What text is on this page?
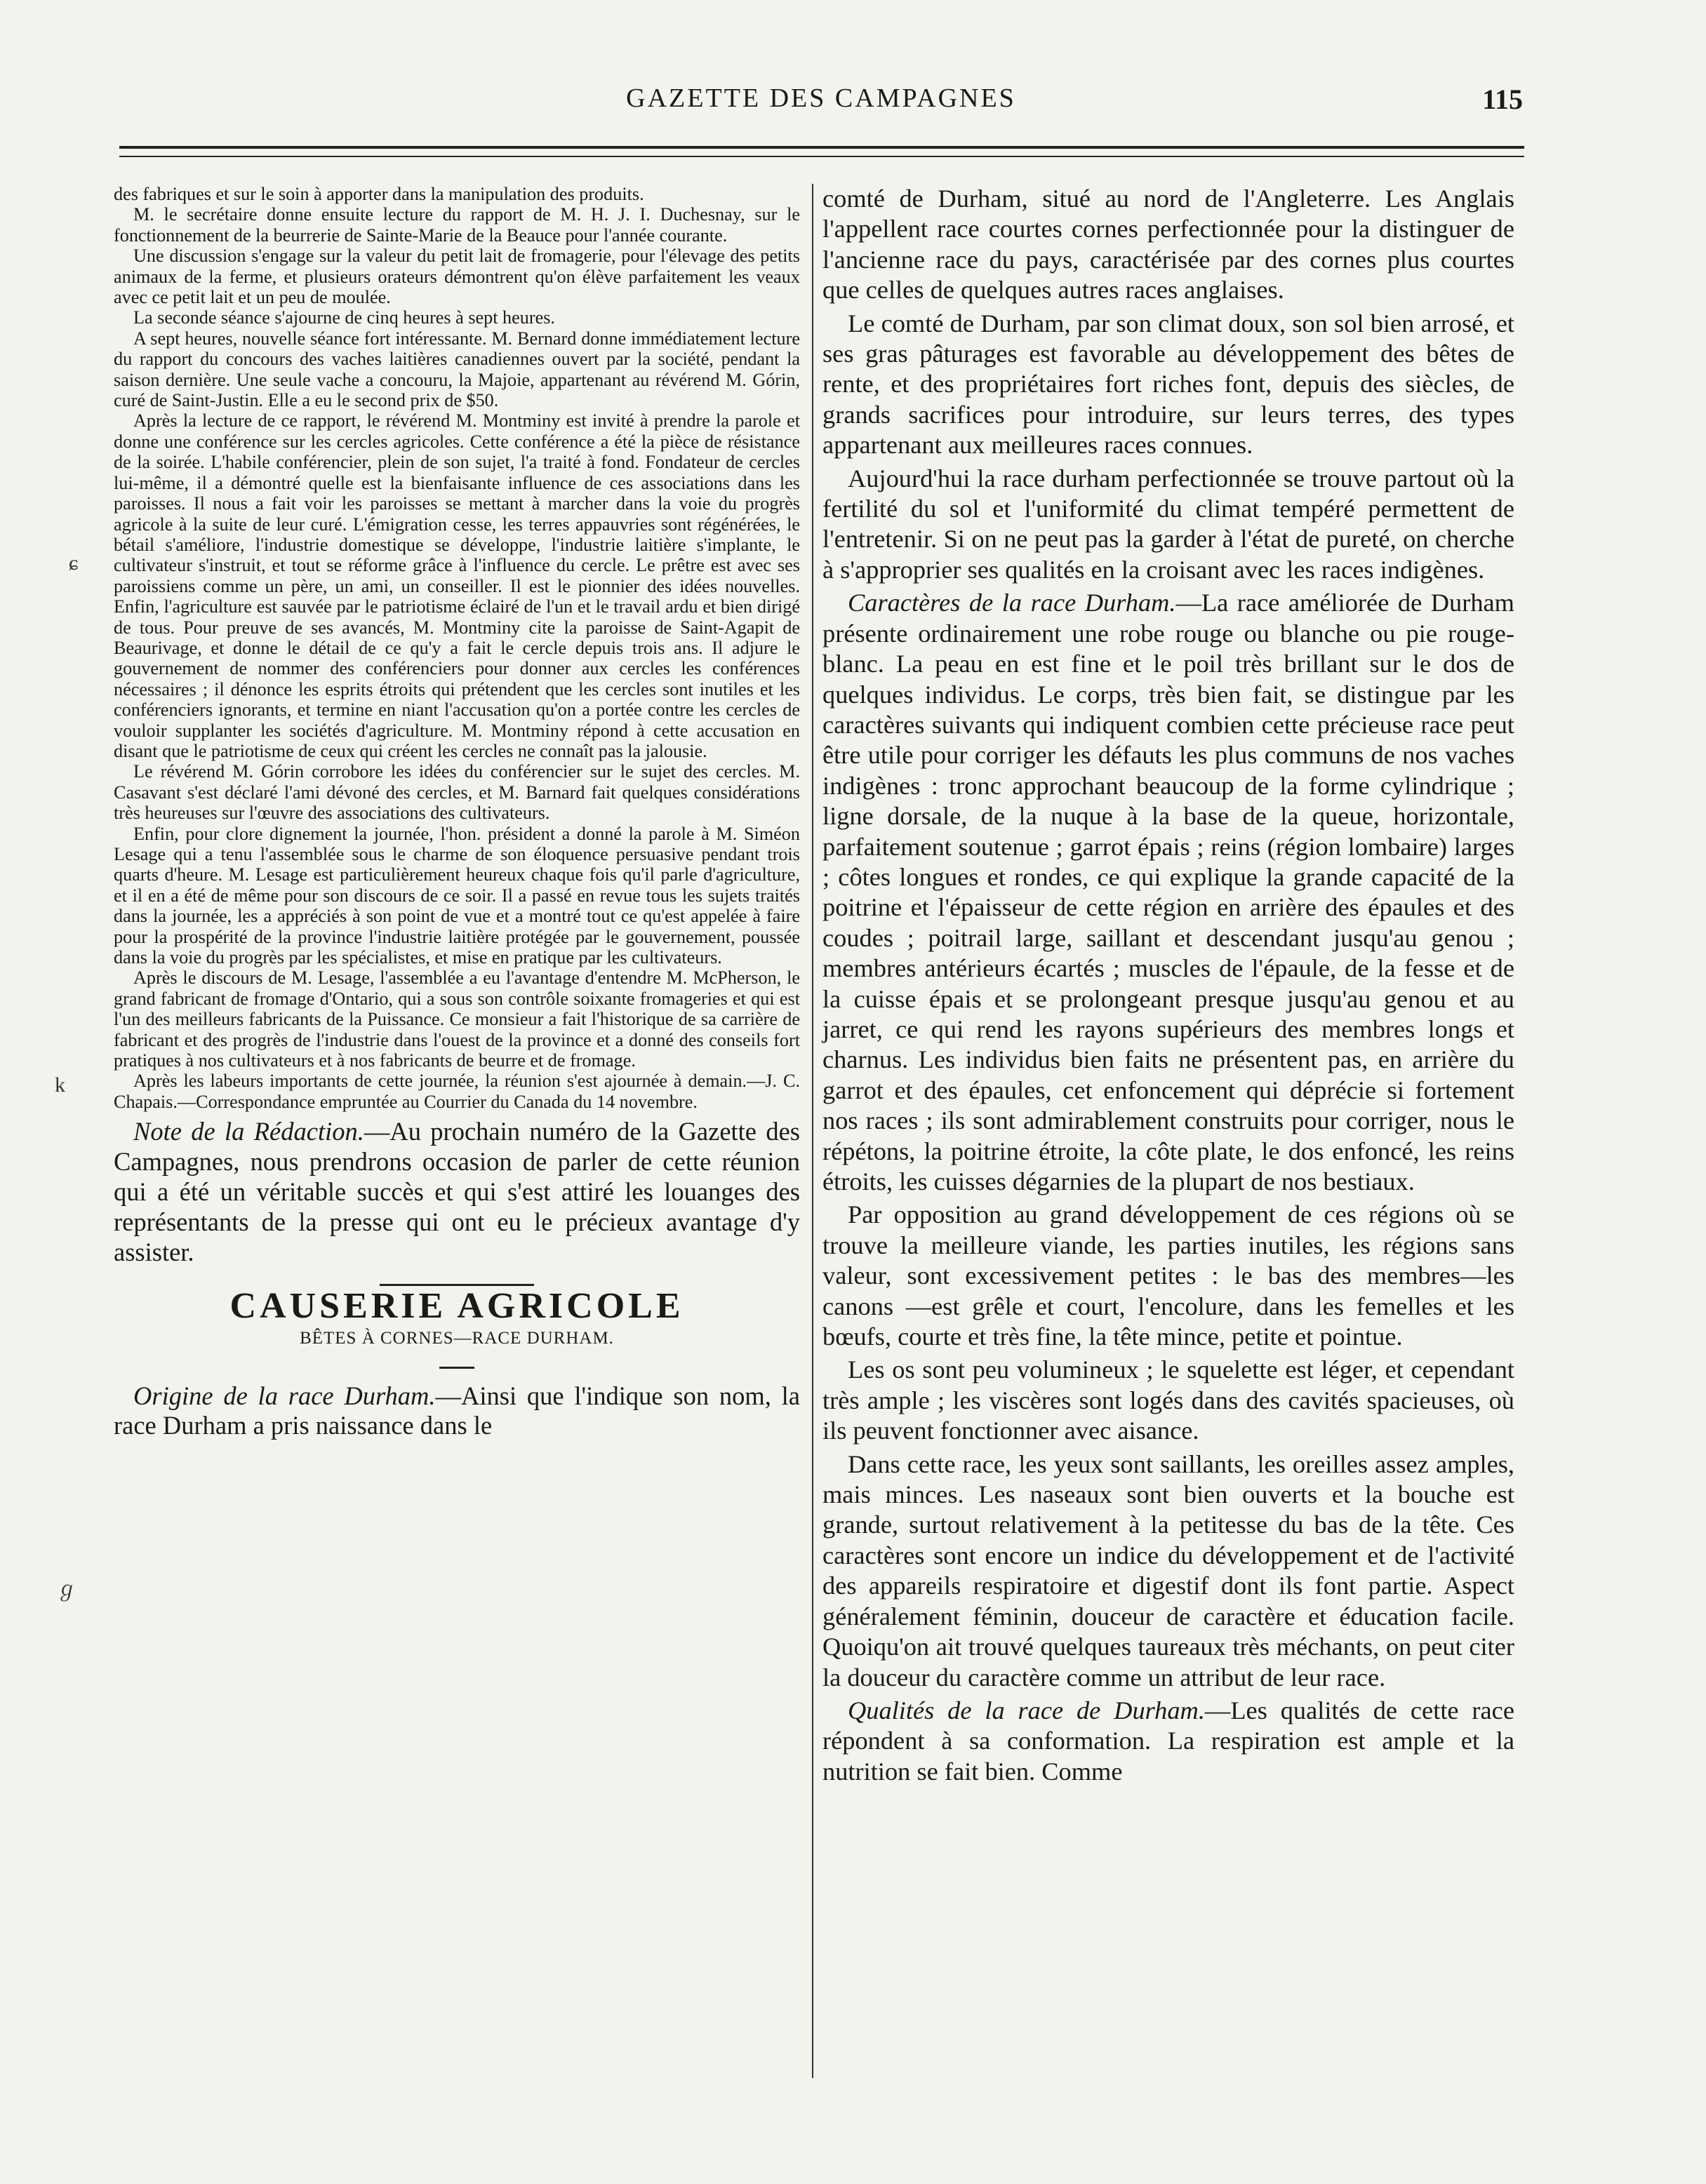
GAZETTE DES CAMPAGNES	115
ɕ
k
ℊ

des fabriques et sur le soin à apporter dans la manipulation des produits.

M. le secrétaire donne ensuite lecture du rapport de M. H. J. I. Duchesnay, sur le fonctionnement de la beurrerie de Sainte-Marie de la Beauce pour l'année courante.

Une discussion s'engage sur la valeur du petit lait de fromagerie, pour l'élevage des petits animaux de la ferme, et plusieurs orateurs démontrent qu'on élève parfaitement les veaux avec ce petit lait et un peu de moulée.

La seconde séance s'ajourne de cinq heures à sept heures.

A sept heures, nouvelle séance fort intéressante. M. Bernard donne immédiatement lecture du rapport du concours des vaches laitières canadiennes ouvert par la société, pendant la saison dernière. Une seule vache a concouru, la Majoie, appartenant au révérend M. Górin, curé de Saint-Justin. Elle a eu le second prix de $50.

Après la lecture de ce rapport, le révérend M. Montminy est invité à prendre la parole et donne une conférence sur les cercles agricoles. Cette conférence a été la pièce de résistance de la soirée. L'habile conférencier, plein de son sujet, l'a traité à fond. Fondateur de cercles lui-même, il a démontré quelle est la bienfaisante influence de ces associations dans les paroisses. Il nous a fait voir les paroisses se mettant à marcher dans la voie du progrès agricole à la suite de leur curé. L'émigration cesse, les terres appauvries sont régénérées, le bétail s'améliore, l'industrie domestique se développe, l'industrie laitière s'implante, le cultivateur s'instruit, et tout se réforme grâce à l'influence du cercle. Le prêtre est avec ses paroissiens comme un père, un ami, un conseiller. Il est le pionnier des idées nouvelles. Enfin, l'agriculture est sauvée par le patriotisme éclairé de l'un et le travail ardu et bien dirigé de tous. Pour preuve de ses avancés, M. Montminy cite la paroisse de Saint-Agapit de Beaurivage, et donne le détail de ce qu'y a fait le cercle depuis trois ans. Il adjure le gouvernement de nommer des conférenciers pour donner aux cercles les conférences nécessaires ; il dénonce les esprits étroits qui prétendent que les cercles sont inutiles et les conférenciers ignorants, et termine en niant l'accusation qu'on a portée contre les cercles de vouloir supplanter les sociétés d'agriculture. M. Montminy répond à cette accusation en disant que le patriotisme de ceux qui créent les cercles ne connaît pas la jalousie.

Le révérend M. Górin corrobore les idées du conférencier sur le sujet des cercles. M. Casavant s'est déclaré l'ami dévoné des cercles, et M. Barnard fait quelques considérations très heureuses sur l'œuvre des associations des cultivateurs.

Enfin, pour clore dignement la journée, l'hon. président a donné la parole à M. Siméon Lesage qui a tenu l'assemblée sous le charme de son éloquence persuasive pendant trois quarts d'heure. M. Lesage est particulièrement heureux chaque fois qu'il parle d'agriculture, et il en a été de même pour son discours de ce soir. Il a passé en revue tous les sujets traités dans la journée, les a appréciés à son point de vue et a montré tout ce qu'est appelée à faire pour la prospérité de la province l'industrie laitière protégée par le gouvernement, poussée dans la voie du progrès par les spécialistes, et mise en pratique par les cultivateurs.

Après le discours de M. Lesage, l'assemblée a eu l'avantage d'entendre M. McPherson, le grand fabricant de fromage d'Ontario, qui a sous son contrôle soixante fromageries et qui est l'un des meilleurs fabricants de la Puissance. Ce monsieur a fait l'historique de sa carrière de fabricant et des progrès de l'industrie dans l'ouest de la province et a donné des conseils fort pratiques à nos cultivateurs et à nos fabricants de beurre et de fromage.

Après les labeurs importants de cette journée, la réunion s'est ajournée à demain.—J. C. Chapais.—Correspondance empruntée au Courrier du Canada du 14 novembre.

Note de la Rédaction.—Au prochain numéro de la Gazette des Campagnes, nous prendrons occasion de parler de cette réunion qui a été un véritable succès et qui s'est attiré les louanges des représentants de la presse qui ont eu le précieux avantage d'y assister.
CAUSERIE AGRICOLE
BÊTES À CORNES—RACE DURHAM.
Origine de la race Durham.—Ainsi que l'indique son nom, la race Durham a pris naissance dans le

comté de Durham, situé au nord de l'Angleterre. Les Anglais l'appellent race courtes cornes perfectionnée pour la distinguer de l'ancienne race du pays, caractérisée par des cornes plus courtes que celles de quelques autres races anglaises.

Le comté de Durham, par son climat doux, son sol bien arrosé, et ses gras pâturages est favorable au développement des bêtes de rente, et des propriétaires fort riches font, depuis des siècles, de grands sacrifices pour introduire, sur leurs terres, des types appartenant aux meilleures races connues.

Aujourd'hui la race durham perfectionnée se trouve partout où la fertilité du sol et l'uniformité du climat tempéré permettent de l'entretenir. Si on ne peut pas la garder à l'état de pureté, on cherche à s'approprier ses qualités en la croisant avec les races indigènes.

Caractères de la race Durham.—La race améliorée de Durham présente ordinairement une robe rouge ou blanche ou pie rouge-blanc. La peau en est fine et le poil très brillant sur le dos de quelques individus. Le corps, très bien fait, se distingue par les caractères suivants qui indiquent combien cette précieuse race peut être utile pour corriger les défauts les plus communs de nos vaches indigènes : tronc approchant beaucoup de la forme cylindrique ; ligne dorsale, de la nuque à la base de la queue, horizontale, parfaitement soutenue ; garrot épais ; reins (région lombaire) larges ; côtes longues et rondes, ce qui explique la grande capacité de la poitrine et l'épaisseur de cette région en arrière des épaules et des coudes ; poitrail large, saillant et descendant jusqu'au genou ; membres antérieurs écartés ; muscles de l'épaule, de la fesse et de la cuisse épais et se prolongeant presque jusqu'au genou et au jarret, ce qui rend les rayons supérieurs des membres longs et charnus. Les individus bien faits ne présentent pas, en arrière du garrot et des épaules, cet enfoncement qui déprécie si fortement nos races ; ils sont admirablement construits pour corriger, nous le répétons, la poitrine étroite, la côte plate, le dos enfoncé, les reins étroits, les cuisses dégarnies de la plupart de nos bestiaux.

Par opposition au grand développement de ces régions où se trouve la meilleure viande, les parties inutiles, les régions sans valeur, sont excessivement petites : le bas des membres—les canons —est grêle et court, l'encolure, dans les femelles et les bœufs, courte et très fine, la tête mince, petite et pointue.

Les os sont peu volumineux ; le squelette est léger, et cependant très ample ; les viscères sont logés dans des cavités spacieuses, où ils peuvent fonctionner avec aisance.

Dans cette race, les yeux sont saillants, les oreilles assez amples, mais minces. Les naseaux sont bien ouverts et la bouche est grande, surtout relativement à la petitesse du bas de la tête. Ces caractères sont encore un indice du développement et de l'activité des appareils respiratoire et digestif dont ils font partie. Aspect généralement féminin, douceur de caractère et éducation facile. Quoiqu'on ait trouvé quelques taureaux très méchants, on peut citer la douceur du caractère comme un attribut de leur race.

Qualités de la race de Durham.—Les qualités de cette race répondent à sa conformation. La respiration est ample et la nutrition se fait bien. Comme
